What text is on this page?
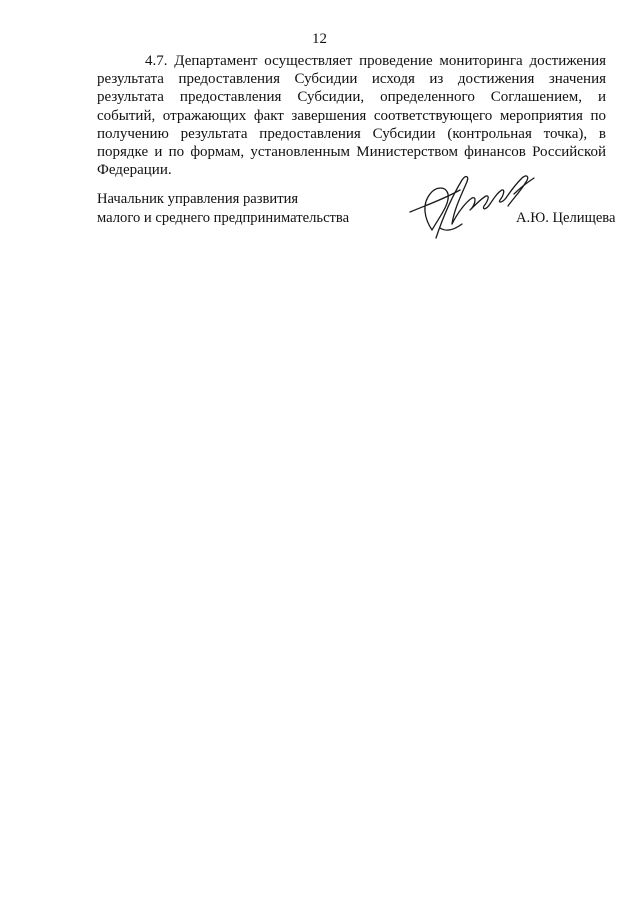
12

4.7. Департамент осуществляет проведение мониторинга достижения результата предоставления Субсидии исходя из достижения значения результата предоставления Субсидии, определенного Соглашением, и событий, отражающих факт завершения соответствующего мероприятия по получению результата предоставления Субсидии (контрольная точка), в порядке и по формам, установленным Министерством финансов Российской Федерации.

Начальник управления развития
малого и среднего предпринимательства	А.Ю. Целищева
